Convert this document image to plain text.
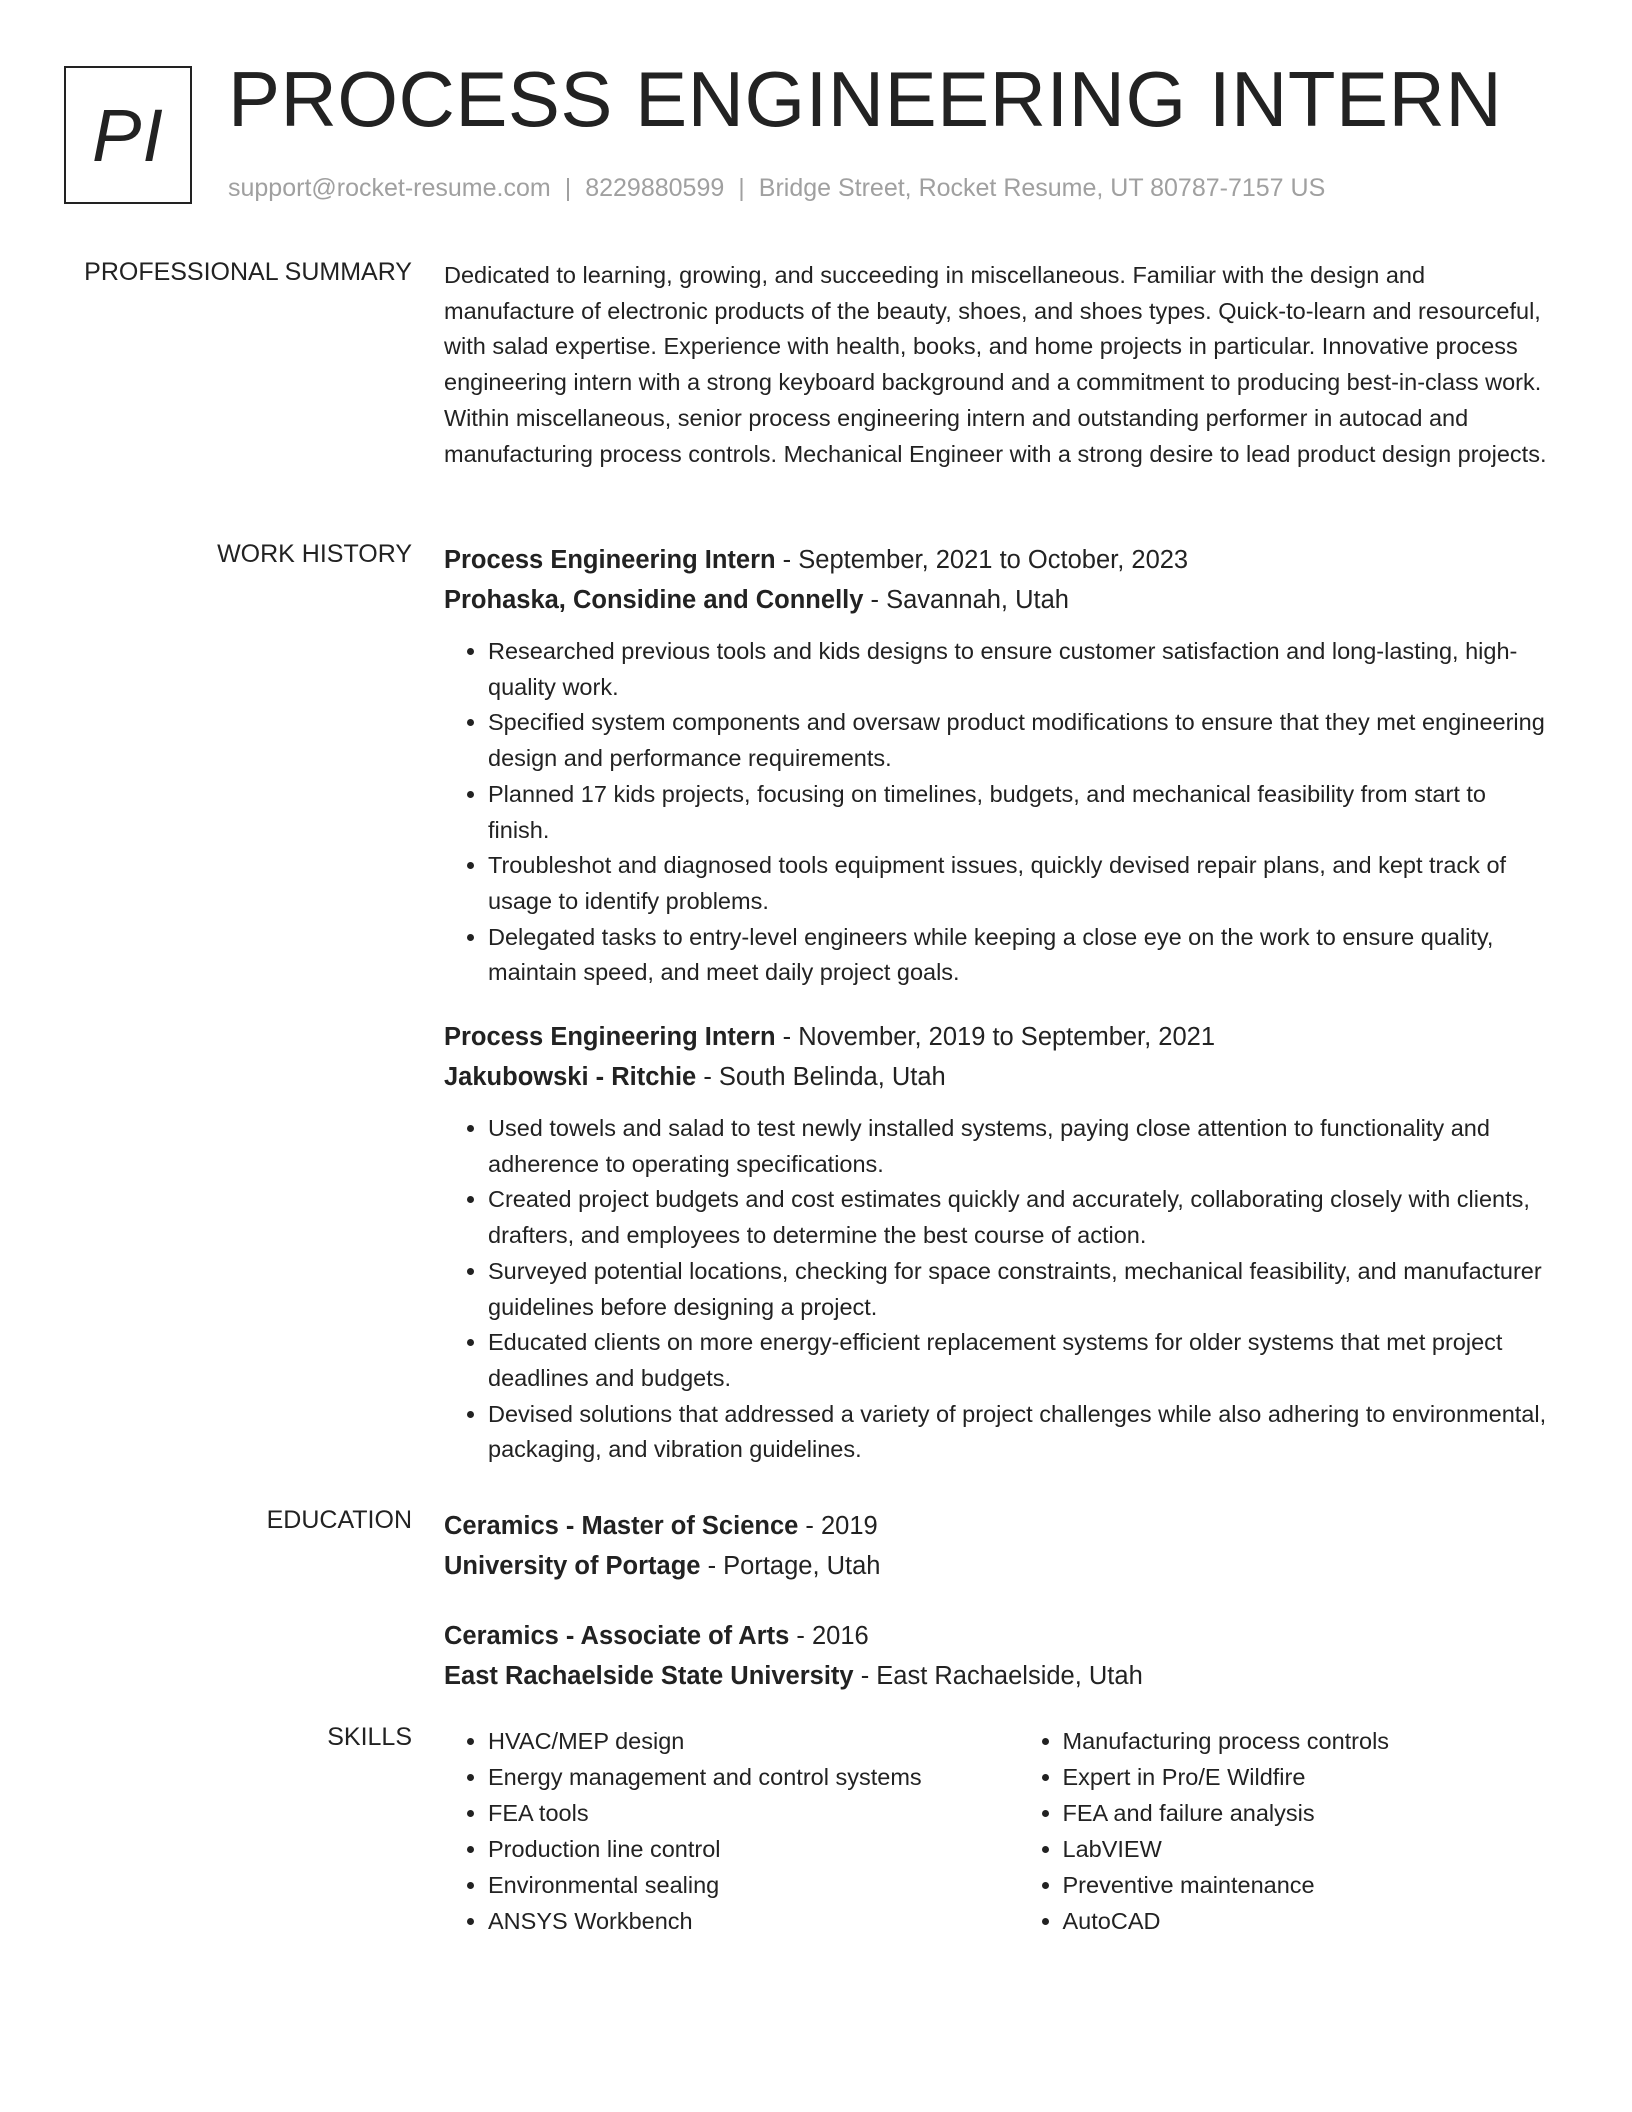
PI PROCESS ENGINEERING INTERN
support@rocket-resume.com | 8229880599 | Bridge Street, Rocket Resume, UT 80787-7157 US
PROFESSIONAL SUMMARY Dedicated to learning, growing, and succeeding in miscellaneous. Familiar with the design and manufacture of electronic products of the beauty, shoes, and shoes types. Quick-to-learn and resourceful, with salad expertise. Experience with health, books, and home projects in particular. Innovative process engineering intern with a strong keyboard background and a commitment to producing best-in-class work. Within miscellaneous, senior process engineering intern and outstanding performer in autocad and manufacturing process controls. Mechanical Engineer with a strong desire to lead product design projects.

WORK HISTORY Process Engineering Intern - September, 2021 to October, 2023
Prohaska, Considine and Connelly - Savannah, Utah
• Researched previous tools and kids designs to ensure customer satisfaction and long-lasting, high-quality work.
• Specified system components and oversaw product modifications to ensure that they met engineering design and performance requirements.
• Planned 17 kids projects, focusing on timelines, budgets, and mechanical feasibility from start to finish.
• Troubleshot and diagnosed tools equipment issues, quickly devised repair plans, and kept track of usage to identify problems.
• Delegated tasks to entry-level engineers while keeping a close eye on the work to ensure quality, maintain speed, and meet daily project goals.
Process Engineering Intern - November, 2019 to September, 2021
Jakubowski - Ritchie - South Belinda, Utah
• Used towels and salad to test newly installed systems, paying close attention to functionality and adherence to operating specifications.
• Created project budgets and cost estimates quickly and accurately, collaborating closely with clients, drafters, and employees to determine the best course of action.
• Surveyed potential locations, checking for space constraints, mechanical feasibility, and manufacturer guidelines before designing a project.
• Educated clients on more energy-efficient replacement systems for older systems that met project deadlines and budgets.
• Devised solutions that addressed a variety of project challenges while also adhering to environmental, packaging, and vibration guidelines.
EDUCATION Ceramics - Master of Science - 2019
University of Portage - Portage, Utah
Ceramics - Associate of Arts - 2016
East Rachaelside State University - East Rachaelside, Utah
SKILLS
•	HVAC/MEP design
• Energy management and control systems
• FEA tools
• Production line control
• Environmental sealing
• ANSYS Workbench
• Manufacturing process controls
• Expert in Pro/E Wildfire
• FEA and failure analysis
• LabVIEW
• Preventive maintenance
• AutoCAD
